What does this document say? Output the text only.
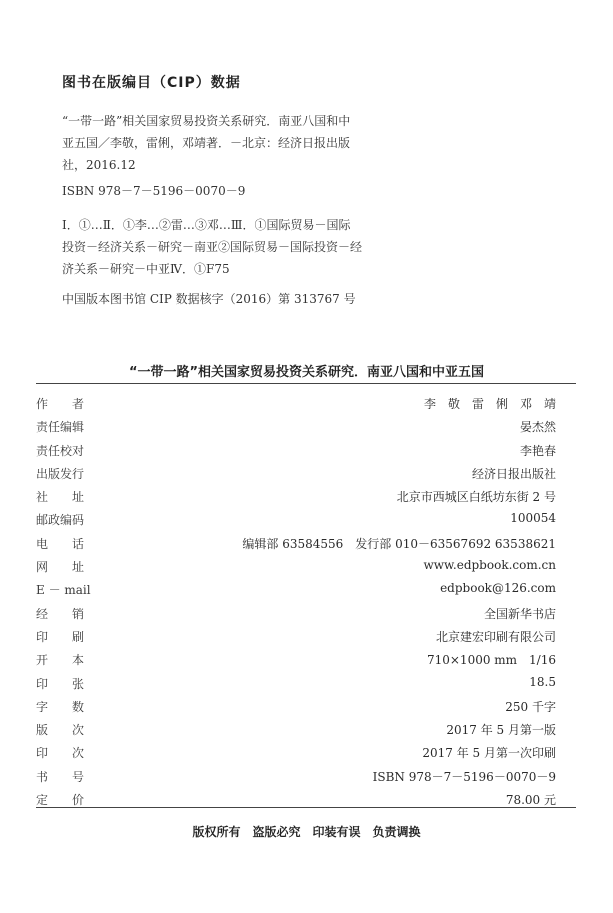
图书在版编目（CIP）数据

“一带一路”相关国家贸易投资关系研究．南亚八国和中亚五国／李敬，雷俐，邓靖著．－北京：经济日报出版社，2016.12

ISBN 978－7－5196－0070－9

Ⅰ．①…Ⅱ．①李…②雷…③邓…Ⅲ．①国际贸易－国际投资－经济关系－研究－南亚②国际贸易－国际投资－经济关系－研究－中亚Ⅳ．①F75

中国版本图书馆 CIP 数据核字（2016）第 313767 号

“一带一路”相关国家贸易投资关系研究．南亚八国和中亚五国
作　　者	李　敬　雷　俐　邓　靖
责任编辑	晏杰然
责任校对	李艳春
出版发行	经济日报出版社
社　　址	北京市西城区白纸坊东街 2 号
邮政编码	100054
电　　话	编辑部 63584556　发行部 010－63567692 63538621
网　　址	www.edpbook.com.cn
E － mail	edpbook@126.com
经　　销	全国新华书店
印　　刷	北京建宏印刷有限公司
开　　本	710×1000 mm　1/16
印　　张	18.5
字　　数	250 千字
版　　次	2017 年 5 月第一版
印　　次	2017 年 5 月第一次印刷
书　　号	ISBN 978－7－5196－0070－9
定　　价	78.00 元
版权所有　盗版必究　印装有误　负责调换
